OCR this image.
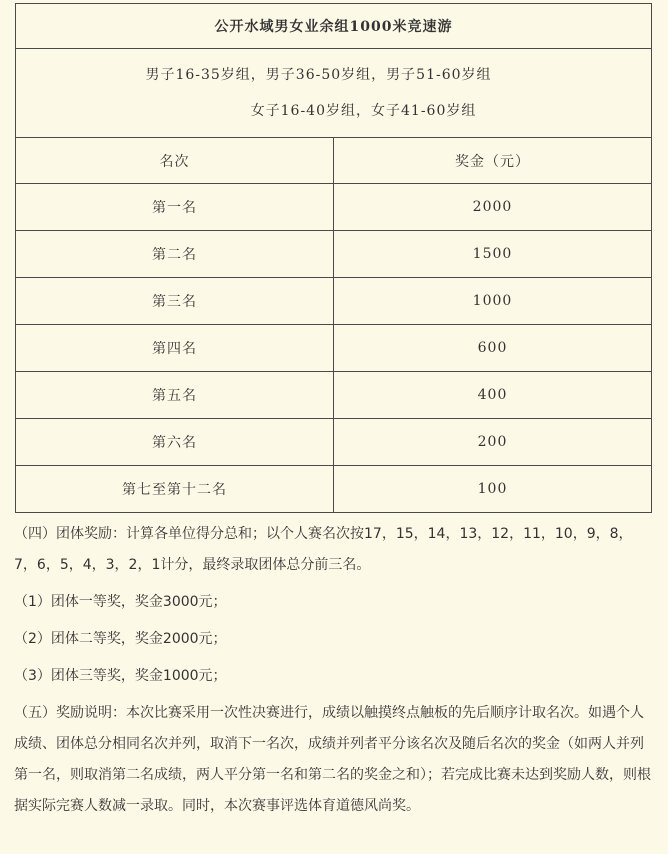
公开水域男女业余组1000米竞速游	

男子16-35岁组，男子36-50岁组，男子51-60岁组
女子16-40岁组，女子41-60岁组	

名次	奖金（元）
第一名	2000
第二名	1500
第三名	1000
第四名	600
第五名	400
第六名	200
第七至第十二名	100

（四）团体奖励：计算各单位得分总和；以个人赛名次按17，15，14，13，12，11，10，9，8，7，6，5，4，3，2，1计分，最终录取团体总分前三名。

（1）团体一等奖，奖金3000元；

（2）团体二等奖，奖金2000元；

（3）团体三等奖，奖金1000元；

（五）奖励说明：本次比赛采用一次性决赛进行，成绩以触摸终点触板的先后顺序计取名次。如遇个人成绩、团体总分相同名次并列，取消下一名次，成绩并列者平分该名次及随后名次的奖金（如两人并列第一名，则取消第二名成绩，两人平分第一名和第二名的奖金之和）；若完成比赛未达到奖励人数，则根据实际完赛人数减一录取。同时，本次赛事评选体育道德风尚奖。
